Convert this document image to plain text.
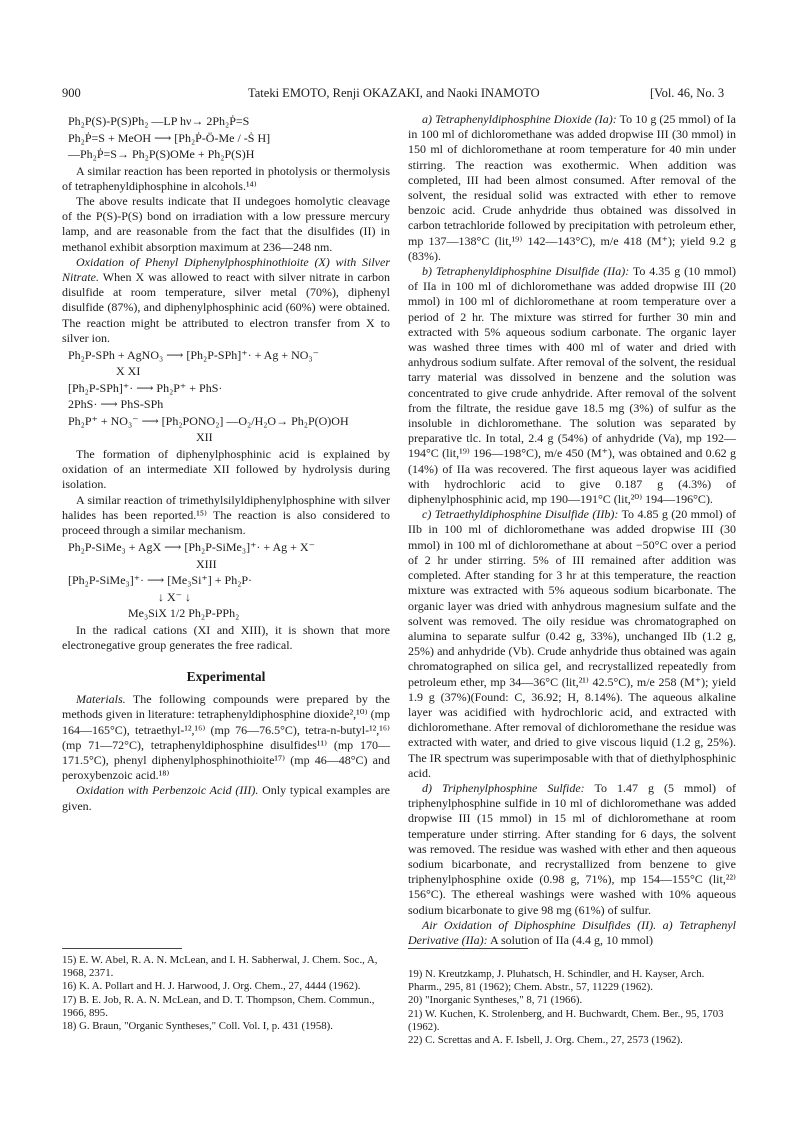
900	Tateki EMOTO, Renji OKAZAKI, and Naoki INAMOTO	[Vol. 46, No. 3
Ph₂P(S)-P(S)Ph₂ —LP hν→ 2Ph₂Ṗ=S
Ph₂Ṗ=S + MeOH ⟶ [Ph₂Ṗ-Ö-Me / -Ṡ H]
—Ph₂Ṗ=S→ Ph₂P(S)OMe + Ph₂P(S)H

A similar reaction has been reported in photolysis or thermolysis of tetraphenyldiphosphine in alcohols.¹⁴⁾

The above results indicate that II undegoes homolytic cleavage of the P(S)-P(S) bond on irradiation with a low pressure mercury lamp, and are reasonable from the fact that the disulfides (II) in methanol exhibit absorption maximum at 236—248 nm.

Oxidation of Phenyl Diphenylphosphinothioite (X) with Silver Nitrate. When X was allowed to react with silver nitrate in carbon disulfide at room temperature, silver metal (70%), diphenyl disulfide (87%), and diphenylphosphinic acid (60%) were obtained. The reaction might be attributed to electron transfer from X to silver ion.

Ph₂P-SPh + AgNO₃ ⟶ [Ph₂P-SPh]⁺· + Ag + NO₃⁻
X XI
[Ph₂P-SPh]⁺· ⟶ Ph₂P⁺ + PhS·
2PhS· ⟶ PhS-SPh
Ph₂P⁺ + NO₃⁻ ⟶ [Ph₂PONO₂] —O₂/H₂O→ Ph₂P(O)OH
XII

The formation of diphenylphosphinic acid is explained by oxidation of an intermediate XII followed by hydrolysis during isolation.

A similar reaction of trimethylsilyldiphenylphosphine with silver halides has been reported.¹⁵⁾ The reaction is also considered to proceed through a similar mechanism.

Ph₂P-SiMe₃ + AgX ⟶ [Ph₂P-SiMe₃]⁺· + Ag + X⁻
XIII
[Ph₂P-SiMe₃]⁺· ⟶ [Me₃Si⁺] + Ph₂P·
↓ X⁻ ↓
Me₃SiX 1/2 Ph₂P-PPh₂

In the radical cations (XI and XIII), it is shown that more electronegative group generates the free radical.

Experimental

Materials. The following compounds were prepared by the methods given in literature: tetraphenyldiphosphine dioxide²,¹⁰⁾ (mp 164—165°C), tetraethyl-¹²,¹⁶⁾ (mp 76—76.5°C), tetra-n-butyl-¹²,¹⁶⁾ (mp 71—72°C), tetraphenyldiphosphine disulfides¹¹⁾ (mp 170—171.5°C), phenyl diphenylphosphinothioite¹⁷⁾ (mp 46—48°C) and peroxybenzoic acid.¹⁸⁾

Oxidation with Perbenzoic Acid (III). Only typical examples are given.

a) Tetraphenyldiphosphine Dioxide (Ia): To 10 g (25 mmol) of Ia in 100 ml of dichloromethane was added dropwise III (30 mmol) in 150 ml of dichloromethane at room temperature for 40 min under stirring. The reaction was exothermic. When addition was completed, III had been almost consumed. After removal of the solvent, the residual solid was extracted with ether to remove benzoic acid. Crude anhydride thus obtained was dissolved in carbon tetrachloride followed by precipitation with petroleum ether, mp 137—138°C (lit,¹⁹⁾ 142—143°C), m/e 418 (M⁺); yield 9.2 g (83%).

b) Tetraphenyldiphosphine Disulfide (IIa): To 4.35 g (10 mmol) of IIa in 100 ml of dichloromethane was added dropwise III (20 mmol) in 100 ml of dichloromethane at room temperature over a period of 2 hr. The mixture was stirred for further 30 min and extracted with 5% aqueous sodium carbonate. The organic layer was washed three times with 400 ml of water and dried with anhydrous sodium sulfate. After removal of the solvent, the residual tarry material was dissolved in benzene and the solution was concentrated to give crude anhydride. After removal of the solvent from the filtrate, the residue gave 18.5 mg (3%) of sulfur as the insoluble in dichloromethane. The solution was separated by preparative tlc. In total, 2.4 g (54%) of anhydride (Va), mp 192—194°C (lit,¹⁹⁾ 196—198°C), m/e 450 (M⁺), was obtained and 0.62 g (14%) of IIa was recovered. The first aqueous layer was acidified with hydrochloric acid to give 0.187 g (4.3%) of diphenylphosphinic acid, mp 190—191°C (lit,²⁰⁾ 194—196°C).

c) Tetraethyldiphosphine Disulfide (IIb): To 4.85 g (20 mmol) of IIb in 100 ml of dichloromethane was added dropwise III (30 mmol) in 100 ml of dichloromethane at about −50°C over a period of 2 hr under stirring. 5% of III remained after addition was completed. After standing for 3 hr at this temperature, the reaction mixture was extracted with 5% aqueous sodium bicarbonate. The organic layer was dried with anhydrous magnesium sulfate and the solvent was removed. The oily residue was chromatographed on alumina to separate sulfur (0.42 g, 33%), unchanged IIb (1.2 g, 25%) and anhydride (Vb). Crude anhydride thus obtained was again chromatographed on silica gel, and recrystallized repeatedly from petroleum ether, mp 34—36°C (lit,²¹⁾ 42.5°C), m/e 258 (M⁺); yield 1.9 g (37%)(Found: C, 36.92; H, 8.14%). The aqueous alkaline layer was acidified with hydrochloric acid, and extracted with dichloromethane. After removal of dichloromethane the residue was extracted with water, and dried to give viscous liquid (1.2 g, 25%). The IR spectrum was superimposable with that of diethylphosphinic acid.

d) Triphenylphosphine Sulfide: To 1.47 g (5 mmol) of triphenylphosphine sulfide in 10 ml of dichloromethane was added dropwise III (15 mmol) in 15 ml of dichloromethane at room temperature under stirring. After standing for 6 days, the solvent was removed. The residue was washed with ether and then aqueous sodium bicarbonate, and recrystallized from benzene to give triphenylphosphine oxide (0.98 g, 71%), mp 154—155°C (lit,²²⁾ 156°C). The ethereal washings were washed with 10% aqueous sodium bicarbonate to give 98 mg (61%) of sulfur.

Air Oxidation of Diphosphine Disulfides (II). a) Tetraphenyl Derivative (IIa): A solution of IIa (4.4 g, 10 mmol)

15) E. W. Abel, R. A. N. McLean, and I. H. Sabherwal, J. Chem. Soc., A, 1968, 2371.

16) K. A. Pollart and H. J. Harwood, J. Org. Chem., 27, 4444 (1962).

17) B. E. Job, R. A. N. McLean, and D. T. Thompson, Chem. Commun., 1966, 895.

18) G. Braun, "Organic Syntheses," Coll. Vol. I, p. 431 (1958).

19) N. Kreutzkamp, J. Pluhatsch, H. Schindler, and H. Kayser, Arch. Pharm., 295, 81 (1962); Chem. Abstr., 57, 11229 (1962).

20) "Inorganic Syntheses," 8, 71 (1966).

21) W. Kuchen, K. Strolenberg, and H. Buchwardt, Chem. Ber., 95, 1703 (1962).

22) C. Screttas and A. F. Isbell, J. Org. Chem., 27, 2573 (1962).
